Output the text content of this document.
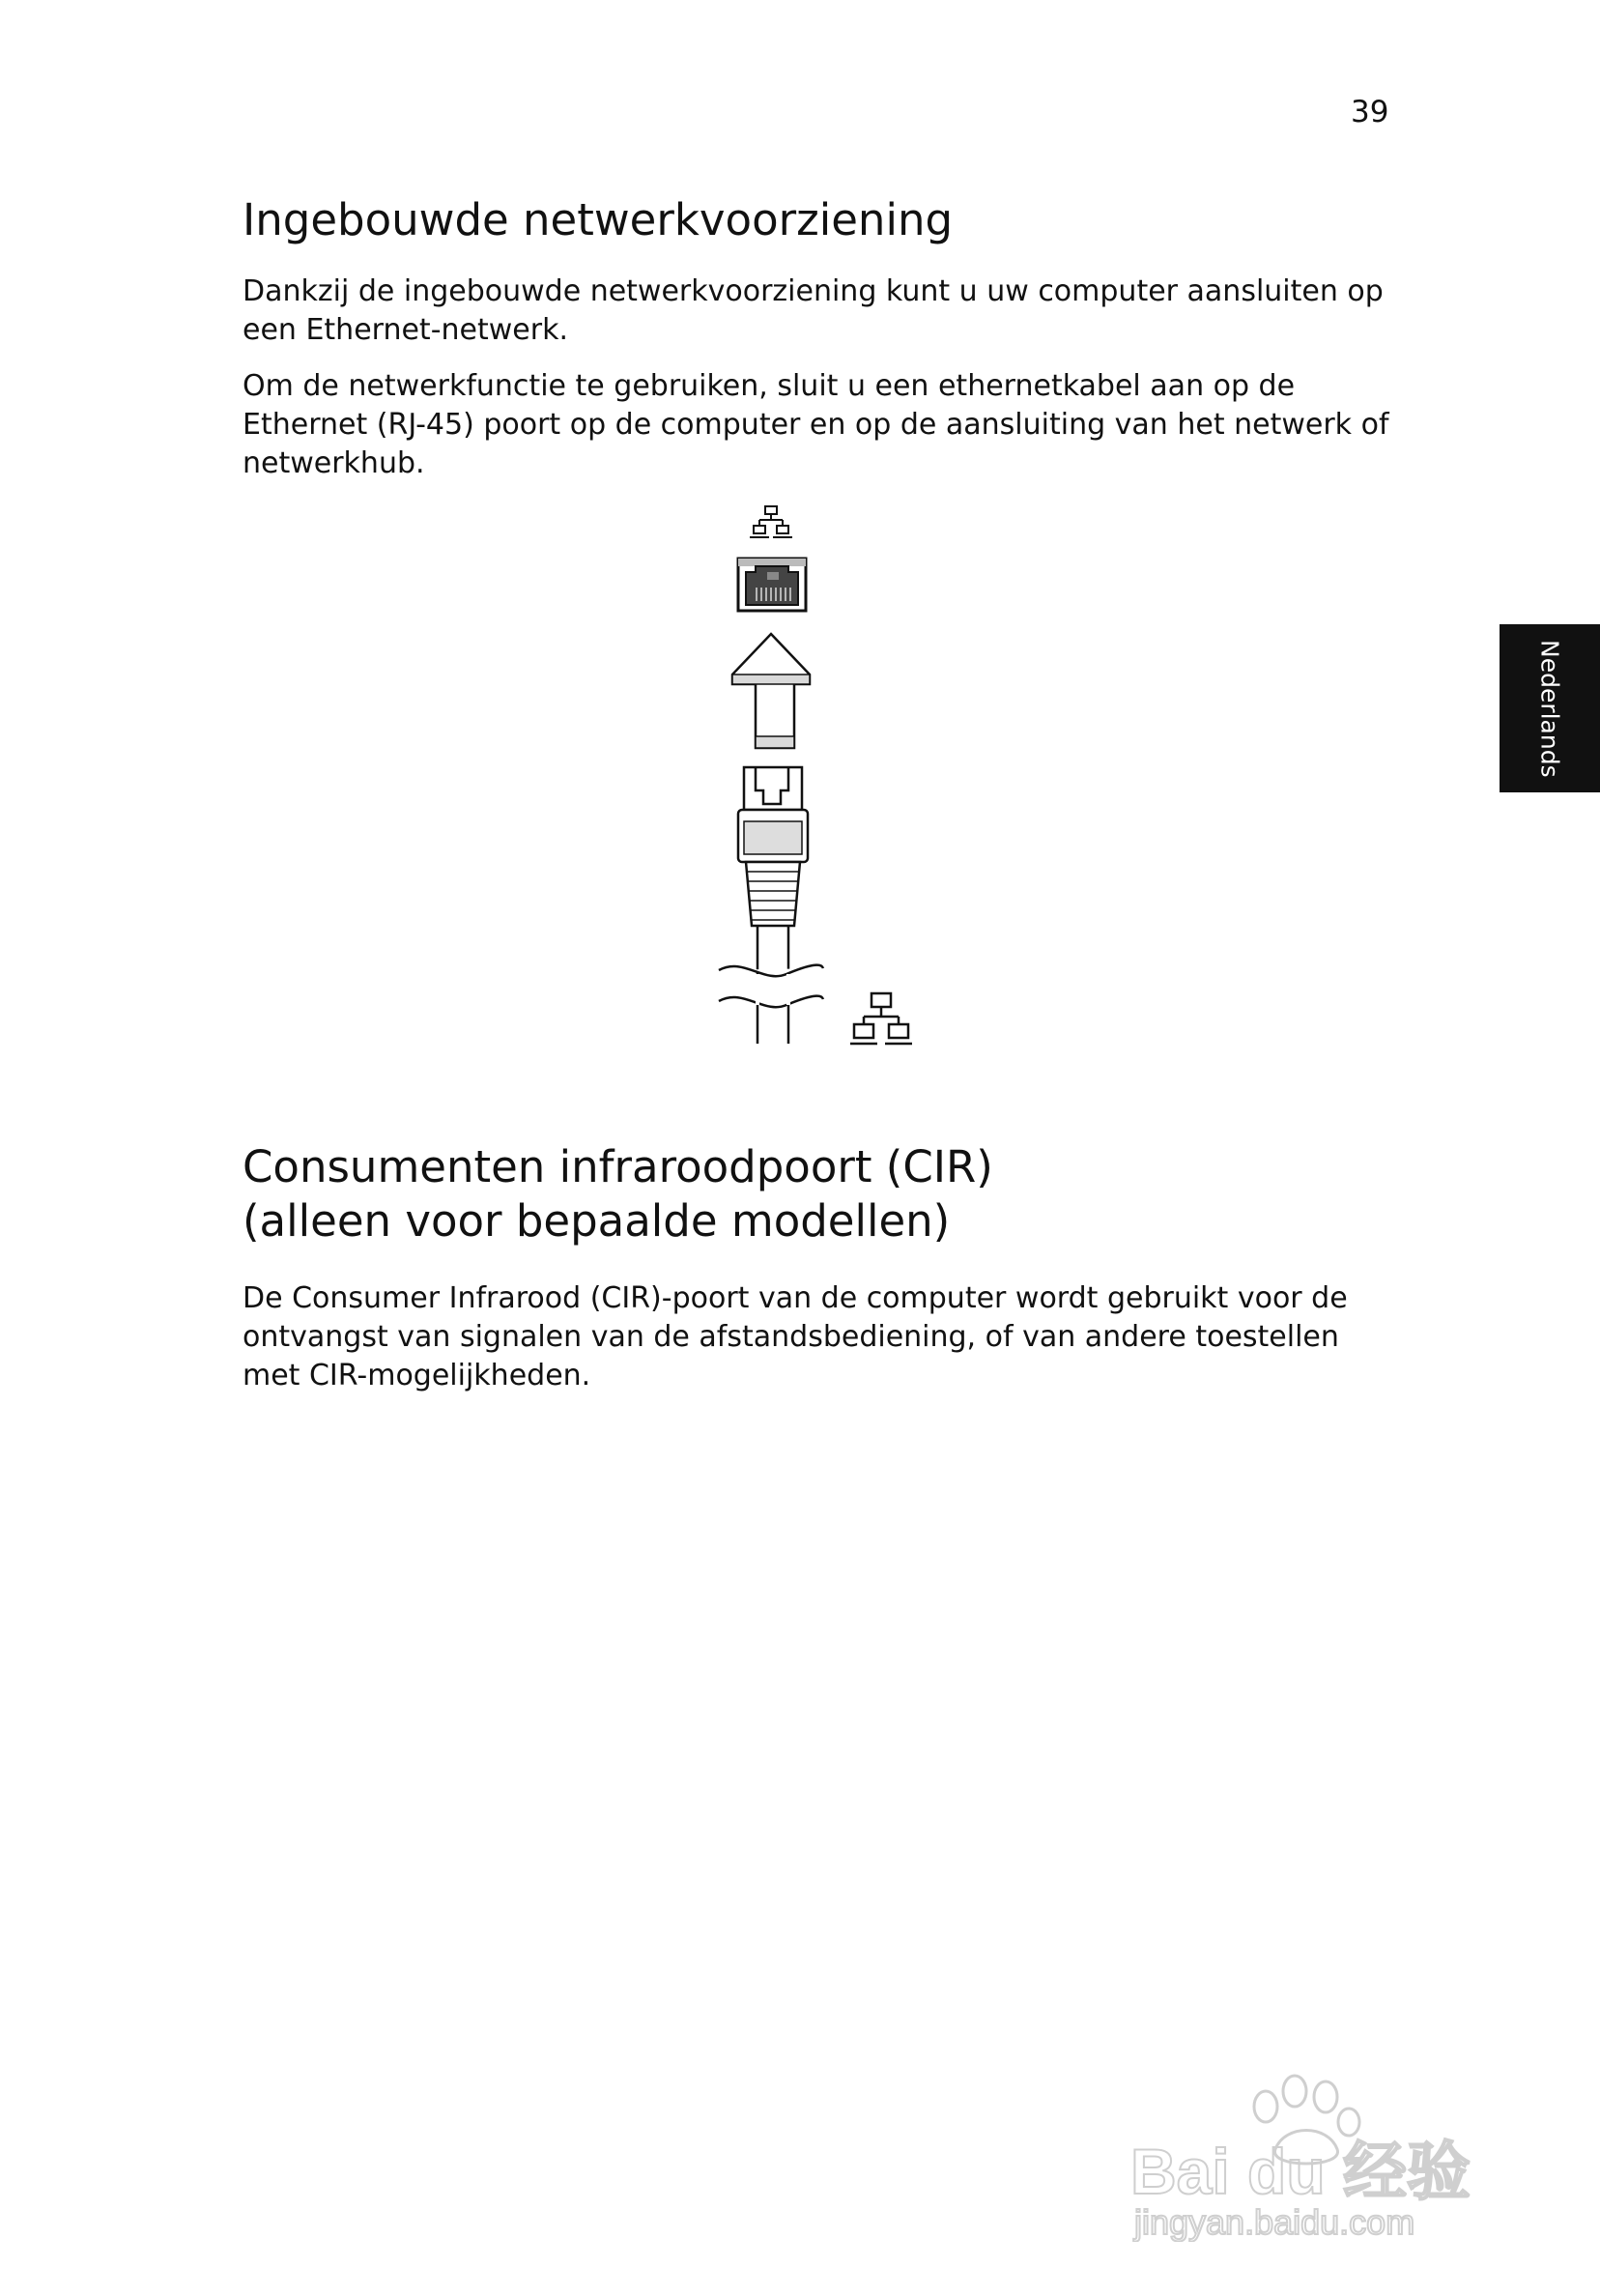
39
Ingebouwde netwerkvoorziening

Dankzij de ingebouwde netwerkvoorziening kunt u uw computer aansluiten op een Ethernet-netwerk.

Om de netwerkfunctie te gebruiken, sluit u een ethernetkabel aan op de Ethernet (RJ-45) poort op de computer en op de aansluiting van het netwerk of netwerkhub.

Consumenten infraroodpoort (CIR)
(alleen voor bepaalde modellen)

De Consumer Infrarood (CIR)-poort van de computer wordt gebruikt voor de ontvangst van signalen van de afstandsbediening, of van andere toestellen met CIR-mogelijkheden.

Nederlands
Bai du 经验
jingyan.baidu.com
